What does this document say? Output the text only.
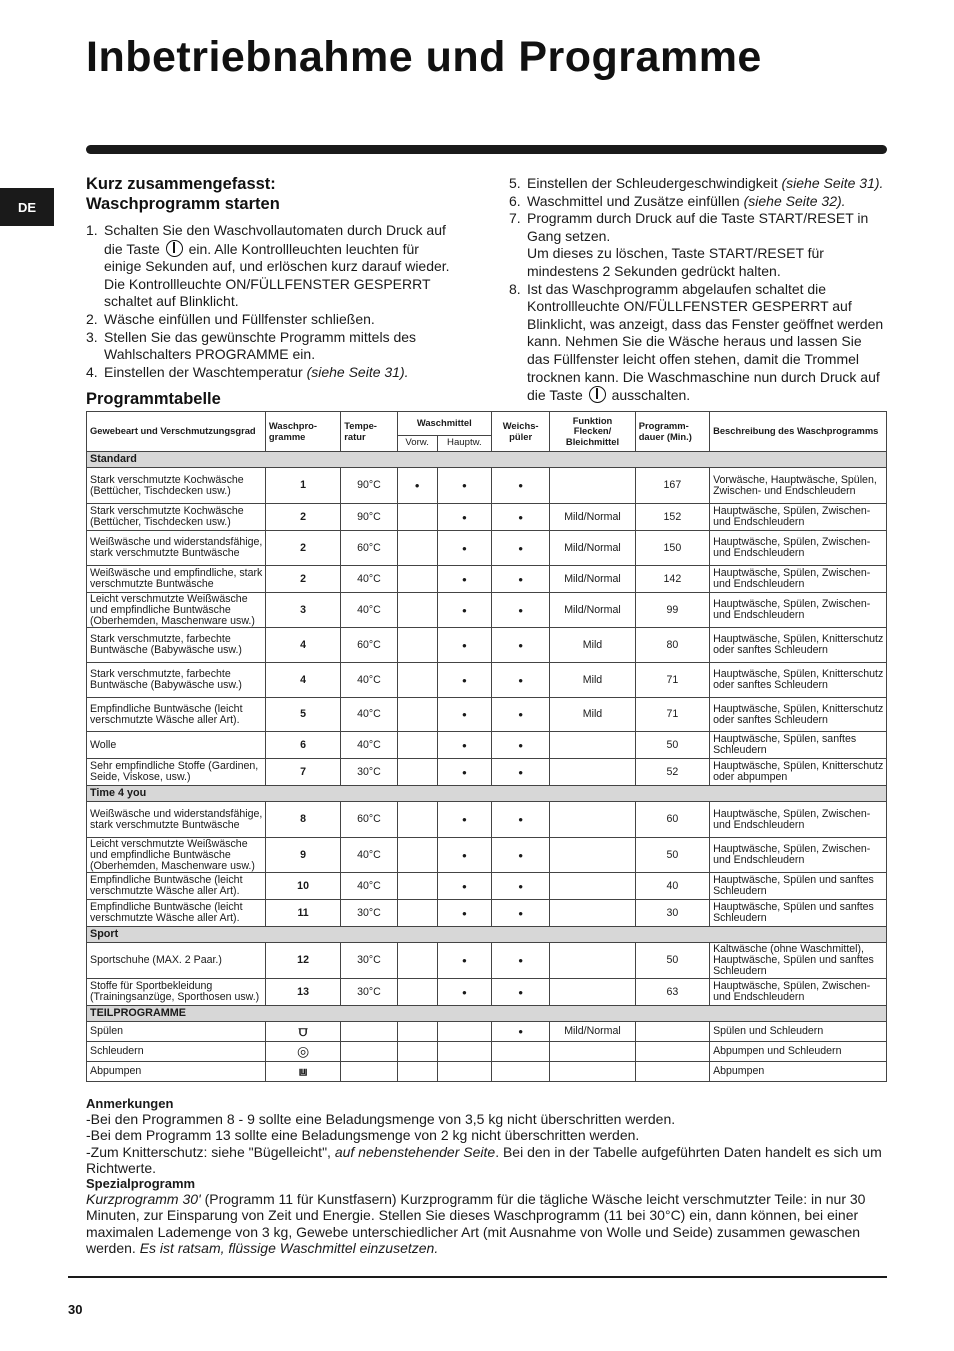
Inbetriebnahme und Programme
DE
Kurz zusammengefasst:
Waschprogramm starten
1. Schalten Sie den Waschvollautomaten durch Druck auf die Taste ein. Alle Kontrollleuchten leuchten für einige Sekunden auf, und erlöschen kurz darauf wieder. Die Kontrollleuchte ON/FÜLLFENSTER GESPERRT schaltet auf Blinklicht.
2. Wäsche einfüllen und Füllfenster schließen.
3. Stellen Sie das gewünschte Programm mittels des Wahlschalters PROGRAMME ein.
4. Einstellen der Waschtemperatur (siehe Seite 31).
5. Einstellen der Schleudergeschwindigkeit (siehe Seite 31).
6. Waschmittel und Zusätze einfüllen (siehe Seite 32).
7. Programm durch Druck auf die Taste START/RESET in Gang setzen.
Um dieses zu löschen, Taste START/RESET für mindestens 2 Sekunden gedrückt halten.
8. Ist das Waschprogramm abgelaufen schaltet die Kontrollleuchte ON/FÜLLFENSTER GESPERRT auf Blinklicht, was anzeigt, dass das Fenster geöffnet werden kann. Nehmen Sie die Wäsche heraus und lassen Sie das Füllfenster leicht offen stehen, damit die Trommel trocknen kann. Die Waschmaschine nun durch Druck auf die Taste ausschalten.
Programmtabelle
Gewebeart und Verschmutzungsgrad	Waschpro- gramme	Tempe- ratur	Waschmittel		Weichs- püler	Funktion Flecken/ Bleichmittel	Programm- dauer (Min.)	Beschreibung des Waschprogramms
			Vorw.	Hauptw.				
Standard								
Stark verschmutzte Kochwäsche (Bettücher, Tischdecken usw.)	1	90°C	•	•	•		167	Vorwäsche, Hauptwäsche, Spülen, Zwischen- und Endschleudern
Stark verschmutzte Kochwäsche (Bettücher, Tischdecken usw.)	2	90°C		•	•	Mild/Normal	152	Hauptwäsche, Spülen, Zwischen- und Endschleudern
Weißwäsche und widerstandsfähige, stark verschmutzte Buntwäsche	2	60°C		•	•	Mild/Normal	150	Hauptwäsche, Spülen, Zwischen- und Endschleudern
Weißwäsche und empfindliche, stark verschmutzte Buntwäsche	2	40°C		•	•	Mild/Normal	142	Hauptwäsche, Spülen, Zwischen- und Endschleudern
Leicht verschmutzte Weißwäsche und empfindliche Buntwäsche (Oberhemden, Maschenware usw.)	3	40°C		•	•	Mild/Normal	99	Hauptwäsche, Spülen, Zwischen- und Endschleudern
Stark verschmutzte, farbechte Buntwäsche (Babywäsche usw.)	4	60°C		•	•	Mild	80	Hauptwäsche, Spülen, Knitterschutz oder sanftes Schleudern
Stark verschmutzte, farbechte Buntwäsche (Babywäsche usw.)	4	40°C		•	•	Mild	71	Hauptwäsche, Spülen, Knitterschutz oder sanftes Schleudern
Empfindliche Buntwäsche (leicht verschmutzte Wäsche aller Art).	5	40°C		•	•	Mild	71	Hauptwäsche, Spülen, Knitterschutz oder sanftes Schleudern
Wolle	6	40°C		•	•		50	Hauptwäsche, Spülen, sanftes Schleudern
Sehr empfindliche Stoffe (Gardinen, Seide, Viskose, usw.)	7	30°C		•	•		52	Hauptwäsche, Spülen, Knitterschutz oder abpumpen
Time 4 you								
Weißwäsche und widerstandsfähige, stark verschmutzte Buntwäsche	8	60°C		•	•		60	Hauptwäsche, Spülen, Zwischen- und Endschleudern
Leicht verschmutzte Weißwäsche und empfindliche Buntwäsche (Oberhemden, Maschenware usw.)	9	40°C		•	•		50	Hauptwäsche, Spülen, Zwischen- und Endschleudern
Empfindliche Buntwäsche (leicht verschmutzte Wäsche aller Art).	10	40°C		•	•		40	Hauptwäsche, Spülen und sanftes Schleudern
Empfindliche Buntwäsche (leicht verschmutzte Wäsche aller Art).	11	30°C		•	•		30	Hauptwäsche, Spülen und sanftes Schleudern
Sport								
Sportschuhe (MAX. 2 Paar.)	12	30°C		•	•		50	Kaltwäsche (ohne Waschmittel), Hauptwäsche, Spülen und sanftes Schleudern
Stoffe für Sportbekleidung (Trainingsanzüge, Sporthosen usw.)	13	30°C		•	•		63	Hauptwäsche, Spülen, Zwischen- und Endschleudern
TEILPROGRAMME								
Spülen	⩌				•	Mild/Normal		Spülen und Schleudern
Schleudern	◎							Abpumpen und Schleudern
Abpumpen	⩏							Abpumpen

Anmerkungen

-Bei den Programmen 8 - 9 sollte eine Beladungsmenge von 3,5 kg nicht überschritten werden.

-Bei dem Programm 13 sollte eine Beladungsmenge von 2 kg nicht überschritten werden.

-Zum Knitterschutz: siehe "Bügelleicht", auf nebenstehender Seite. Bei den in der Tabelle aufgeführten Daten handelt es sich um Richtwerte.

Spezialprogramm

Kurzprogramm 30' (Programm 11 für Kunstfasern) Kurzprogramm für die tägliche Wäsche leicht verschmutzter Teile: in nur 30 Minuten, zur Einsparung von Zeit und Energie. Stellen Sie dieses Waschprogramm (11 bei 30°C) ein, dann können, bei einer maximalen Lademenge von 3 kg, Gewebe unterschiedlicher Art (mit Ausnahme von Wolle und Seide) zusammen gewaschen werden. Es ist ratsam, flüssige Waschmittel einzusetzen.

30
